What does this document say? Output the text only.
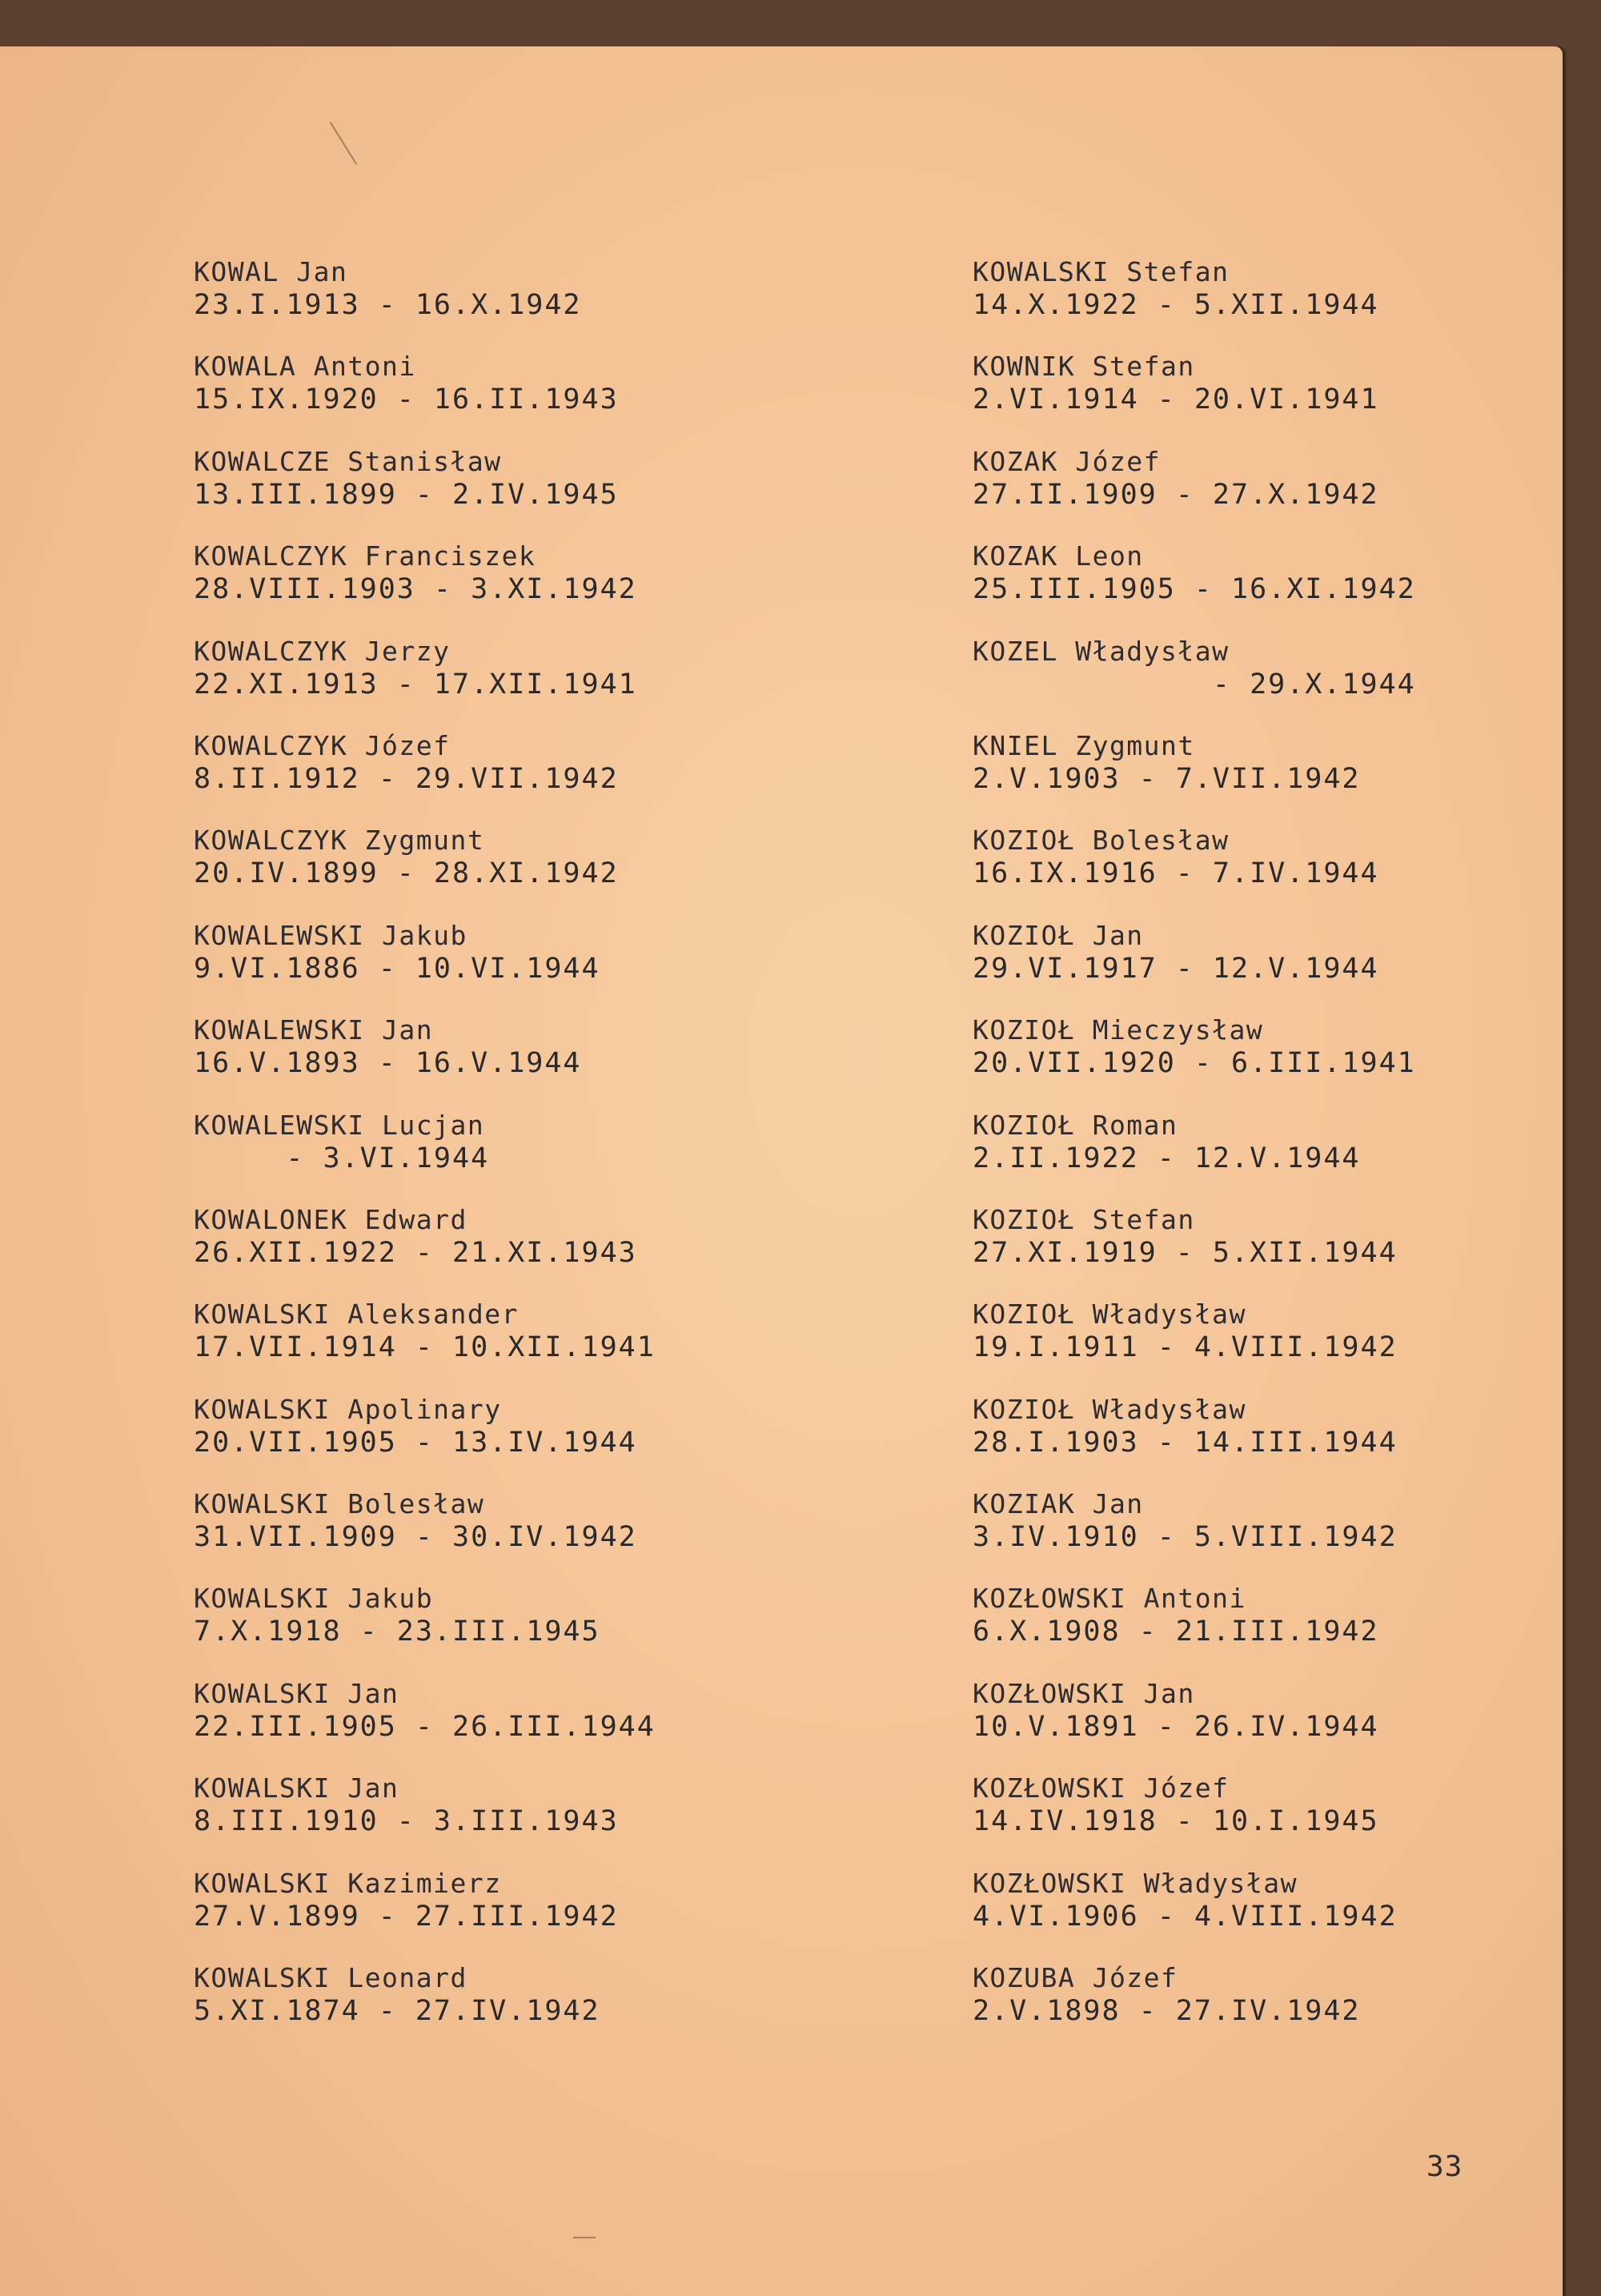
KOWAL Jan
23.I.1913 - 16.X.1942
KOWALA Antoni
15.IX.1920 - 16.II.1943
KOWALCZE Stanisław
13.III.1899 - 2.IV.1945
KOWALCZYK Franciszek
28.VIII.1903 - 3.XI.1942
KOWALCZYK Jerzy
22.XI.1913 - 17.XII.1941
KOWALCZYK Józef
8.II.1912 - 29.VII.1942
KOWALCZYK Zygmunt
20.IV.1899 - 28.XI.1942
KOWALEWSKI Jakub
9.VI.1886 - 10.VI.1944
KOWALEWSKI Jan
16.V.1893 - 16.V.1944
KOWALEWSKI Lucjan
- 3.VI.1944
KOWALONEK Edward
26.XII.1922 - 21.XI.1943
KOWALSKI Aleksander
17.VII.1914 - 10.XII.1941
KOWALSKI Apolinary
20.VII.1905 - 13.IV.1944
KOWALSKI Bolesław
31.VII.1909 - 30.IV.1942
KOWALSKI Jakub
7.X.1918 - 23.III.1945
KOWALSKI Jan
22.III.1905 - 26.III.1944
KOWALSKI Jan
8.III.1910 - 3.III.1943
KOWALSKI Kazimierz
27.V.1899 - 27.III.1942
KOWALSKI Leonard
5.XI.1874 - 27.IV.1942
KOWALSKI Stefan
14.X.1922 - 5.XII.1944
KOWNIK Stefan
2.VI.1914 - 20.VI.1941
KOZAK Józef
27.II.1909 - 27.X.1942
KOZAK Leon
25.III.1905 - 16.XI.1942
KOZEL Władysław
- 29.X.1944
KNIEL Zygmunt
2.V.1903 - 7.VII.1942
KOZIOŁ Bolesław
16.IX.1916 - 7.IV.1944
KOZIOŁ Jan
29.VI.1917 - 12.V.1944
KOZIOŁ Mieczysław
20.VII.1920 - 6.III.1941
KOZIOŁ Roman
2.II.1922 - 12.V.1944
KOZIOŁ Stefan
27.XI.1919 - 5.XII.1944
KOZIOŁ Władysław
19.I.1911 - 4.VIII.1942
KOZIOŁ Władysław
28.I.1903 - 14.III.1944
KOZIAK Jan
3.IV.1910 - 5.VIII.1942
KOZŁOWSKI Antoni
6.X.1908 - 21.III.1942
KOZŁOWSKI Jan
10.V.1891 - 26.IV.1944
KOZŁOWSKI Józef
14.IV.1918 - 10.I.1945
KOZŁOWSKI Władysław
4.VI.1906 - 4.VIII.1942
KOZUBA Józef
2.V.1898 - 27.IV.1942
33
